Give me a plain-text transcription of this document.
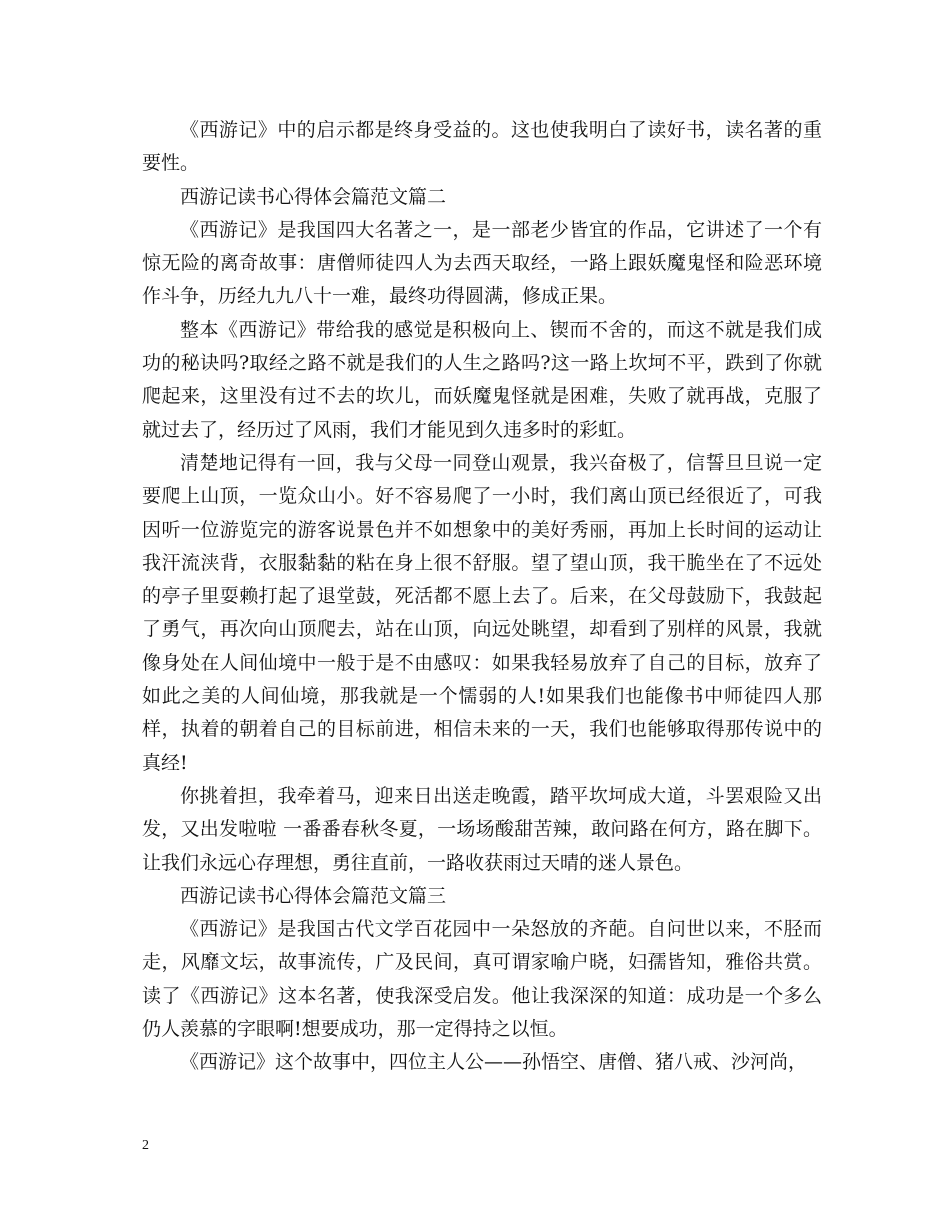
《西游记》中的启示都是终身受益的。这也使我明白了读好书，读名著的重要性。

西游记读书心得体会篇范文篇二

《西游记》是我国四大名著之一，是一部老少皆宜的作品，它讲述了一个有惊无险的离奇故事：唐僧师徒四人为去西天取经，一路上跟妖魔鬼怪和险恶环境作斗争，历经九九八十一难，最终功得圆满，修成正果。

整本《西游记》带给我的感觉是积极向上、锲而不舍的，而这不就是我们成功的秘诀吗?取经之路不就是我们的人生之路吗?这一路上坎坷不平，跌到了你就爬起来，这里没有过不去的坎儿，而妖魔鬼怪就是困难，失败了就再战，克服了就过去了，经历过了风雨，我们才能见到久违多时的彩虹。

清楚地记得有一回，我与父母一同登山观景，我兴奋极了，信誓旦旦说一定要爬上山顶，一览众山小。好不容易爬了一小时，我们离山顶已经很近了，可我因听一位游览完的游客说景色并不如想象中的美好秀丽，再加上长时间的运动让我汗流浃背，衣服黏黏的粘在身上很不舒服。望了望山顶，我干脆坐在了不远处的亭子里耍赖打起了退堂鼓，死活都不愿上去了。后来，在父母鼓励下，我鼓起了勇气，再次向山顶爬去，站在山顶，向远处眺望，却看到了别样的风景，我就像身处在人间仙境中一般于是不由感叹：如果我轻易放弃了自己的目标，放弃了如此之美的人间仙境，那我就是一个懦弱的人!如果我们也能像书中师徒四人那样，执着的朝着自己的目标前进，相信未来的一天，我们也能够取得那传说中的真经!

你挑着担，我牵着马，迎来日出送走晚霞，踏平坎坷成大道，斗罢艰险又出发，又出发啦啦 一番番春秋冬夏，一场场酸甜苦辣，敢问路在何方，路在脚下。让我们永远心存理想，勇往直前，一路收获雨过天晴的迷人景色。

西游记读书心得体会篇范文篇三

《西游记》是我国古代文学百花园中一朵怒放的齐葩。自问世以来，不胫而走，风靡文坛，故事流传，广及民间，真可谓家喻户晓，妇孺皆知，雅俗共赏。读了《西游记》这本名著，使我深受启发。他让我深深的知道：成功是一个多么仍人羡慕的字眼啊!想要成功，那一定得持之以恒。

《西游记》这个故事中，四位主人公——孙悟空、唐僧、猪八戒、沙河尚，

2
